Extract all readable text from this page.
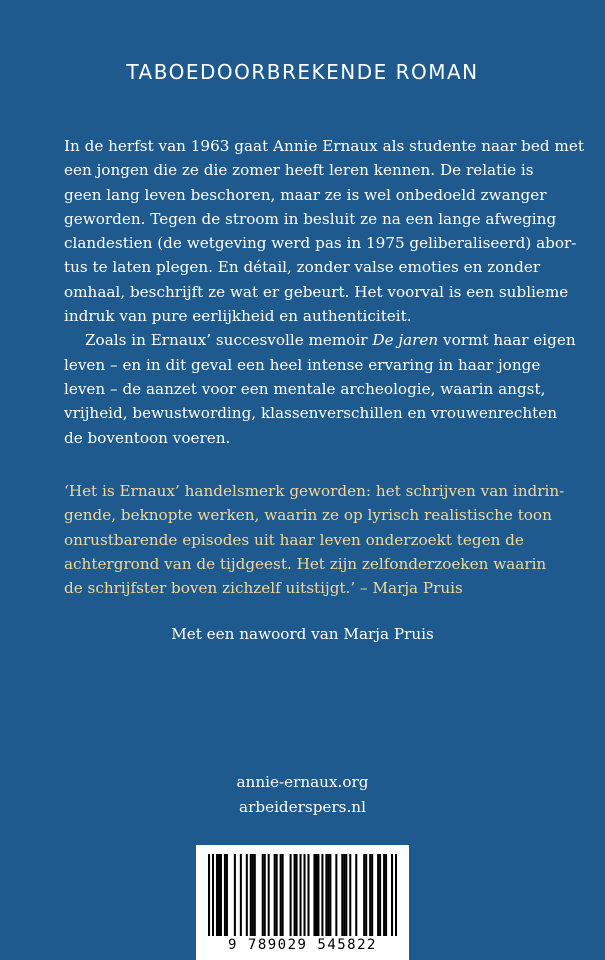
TABOEDOORBREKENDE ROMAN
In de herfst van 1963 gaat Annie Ernaux als studente naar bed met
een jongen die ze die zomer heeft leren kennen. De relatie is
geen lang leven beschoren, maar ze is wel onbedoeld zwanger
geworden. Tegen de stroom in besluit ze na een lange afweging
clandestien (de wetgeving werd pas in 1975 geliberaliseerd) abor-
tus te laten plegen. En détail, zonder valse emoties en zonder
omhaal, beschrijft ze wat er gebeurt. Het voorval is een sublieme
indruk van pure eerlijkheid en authenticiteit.
Zoals in Ernaux’ succesvolle memoir De jaren vormt haar eigen
leven – en in dit geval een heel intense ervaring in haar jonge
leven – de aanzet voor een mentale archeologie, waarin angst,
vrijheid, bewustwording, klassenverschillen en vrouwenrechten
de boventoon voeren.
‘Het is Ernaux’ handelsmerk geworden: het schrijven van indrin-
gende, beknopte werken, waarin ze op lyrisch realistische toon
onrustbarende episodes uit haar leven onderzoekt tegen de
achtergrond van de tijdgeest. Het zijn zelfonderzoeken waarin
de schrijfster boven zichzelf uitstijgt.’ – Marja Pruis
Met een nawoord van Marja Pruis
annie-ernaux.org
arbeiderspers.nl
9 789029 545822
